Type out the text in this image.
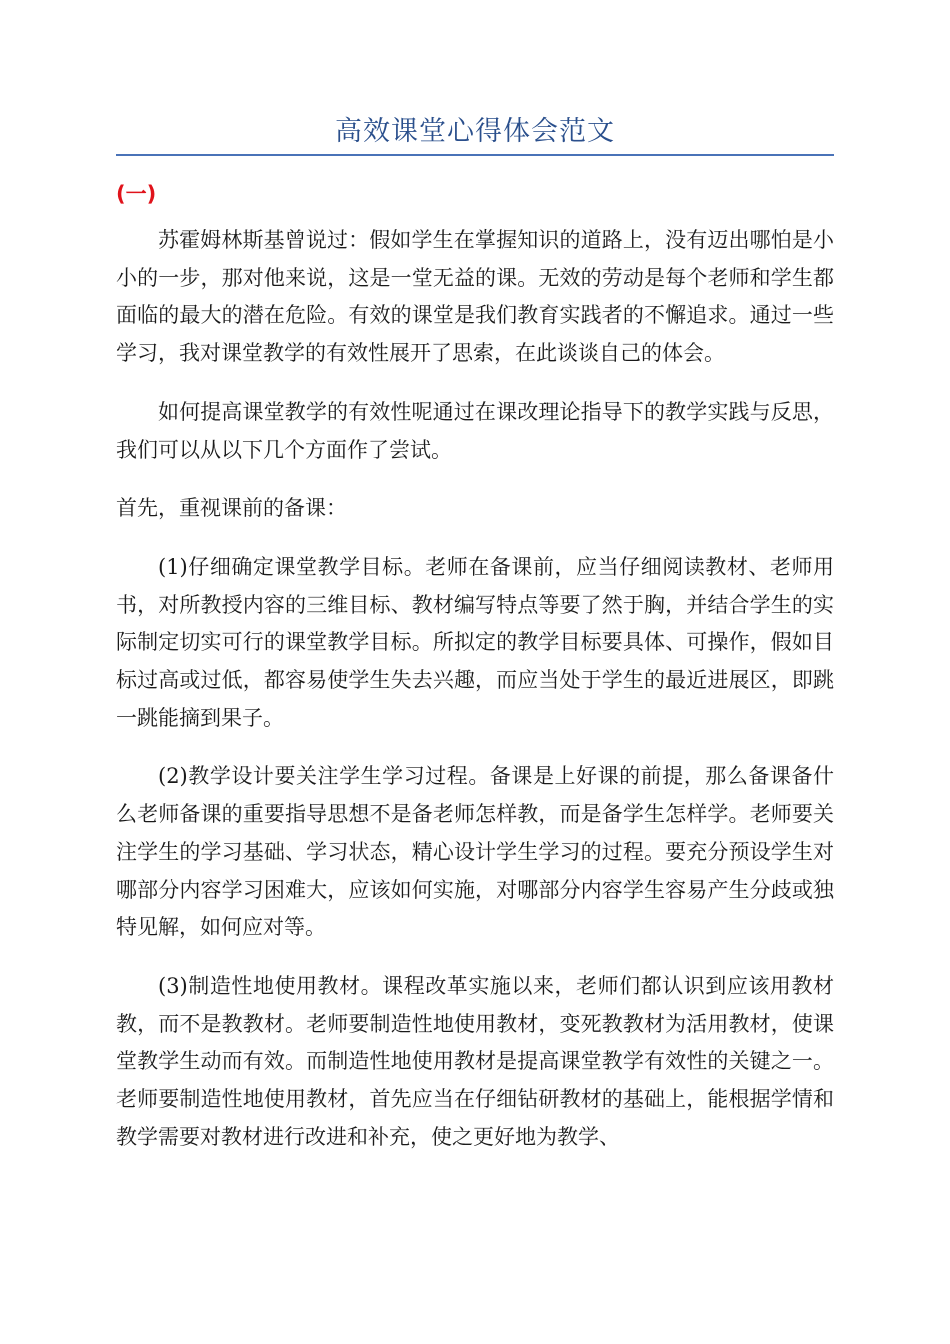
高效课堂心得体会范文
(一)

苏霍姆林斯基曾说过：假如学生在掌握知识的道路上，没有迈出哪怕是小小的一步，那对他来说，这是一堂无益的课。无效的劳动是每个老师和学生都面临的最大的潜在危险。有效的课堂是我们教育实践者的不懈追求。通过一些学习，我对课堂教学的有效性展开了思索，在此谈谈自己的体会。

如何提高课堂教学的有效性呢通过在课改理论指导下的教学实践与反思，我们可以从以下几个方面作了尝试。

首先，重视课前的备课：

(1)仔细确定课堂教学目标。老师在备课前，应当仔细阅读教材、老师用书，对所教授内容的三维目标、教材编写特点等要了然于胸，并结合学生的实际制定切实可行的课堂教学目标。所拟定的教学目标要具体、可操作，假如目标过高或过低，都容易使学生失去兴趣，而应当处于学生的最近进展区，即跳一跳能摘到果子。

(2)教学设计要关注学生学习过程。备课是上好课的前提，那么备课备什么老师备课的重要指导思想不是备老师怎样教，而是备学生怎样学。老师要关注学生的学习基础、学习状态，精心设计学生学习的过程。要充分预设学生对哪部分内容学习困难大，应该如何实施，对哪部分内容学生容易产生分歧或独特见解，如何应对等。

(3)制造性地使用教材。课程改革实施以来，老师们都认识到应该用教材教，而不是教教材。老师要制造性地使用教材，变死教教材为活用教材，使课堂教学生动而有效。而制造性地使用教材是提高课堂教学有效性的关键之一。老师要制造性地使用教材，首先应当在仔细钻研教材的基础上，能根据学情和教学需要对教材进行改进和补充，使之更好地为教学、
